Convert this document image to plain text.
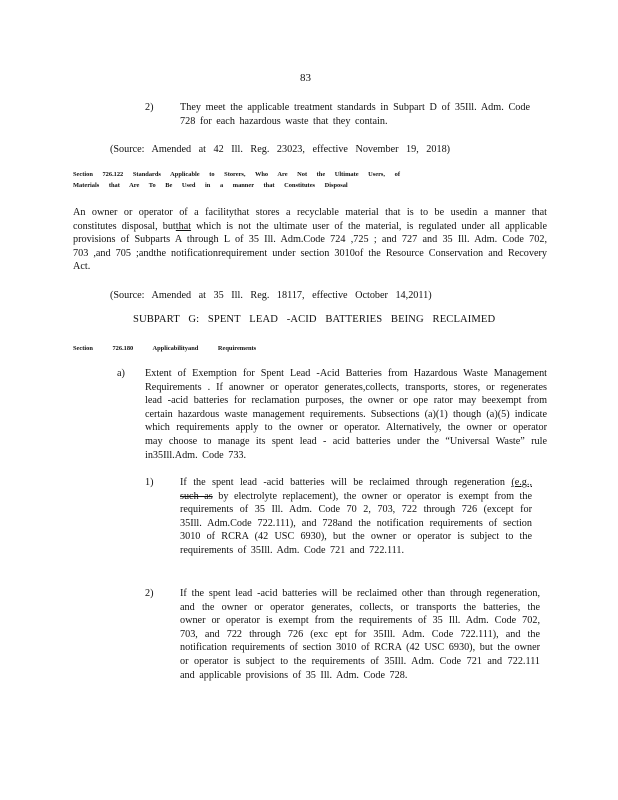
83
2)	They meet the applicable treatment standards in Subpart D of 35Ill. Adm. Code 728 for each hazardous waste that they contain.
(Source: Amended at 42 Ill. Reg. 23023, effective November 19, 2018)
Section 726.122 Standards Applicable to Storers, Who Are Not the Ultimate Users, of
Materials that Are To Be Used in a manner that Constitutes Disposal
An owner or operator of a facilitythat stores a recyclable material that is to be usedin a manner that constitutes disposal, butthat which is not the ultimate user of the material, is regulated under all applicable provisions of Subparts A through L of 35 Ill. Adm.Code 724 ,725 ; and 727 and 35 Ill. Adm. Code 702, 703 ,and 705 ;andthe notificationrequirement under section 3010of the Resource Conservation and Recovery Act.
(Source: Amended at 35 Ill. Reg. 18117, effective October 14,2011)
SUBPART G: SPENT LEAD -ACID BATTERIES BEING RECLAIMED
Section 726.180 Applicabilityand Requirements
a) Extent of Exemption for Spent Lead -Acid Batteries from Hazardous Waste Management Requirements . If anowner or operator generates,collects, transports, stores, or regenerates lead -acid batteries for reclamation purposes, the owner or ope rator may beexempt from certain hazardous waste management requirements. Subsections (a)(1) though (a)(5) indicate which requirements apply to the owner or operator. Alternatively, the owner or operator may choose to manage its spent lead - acid batteries under the “Universal Waste” rule in35Ill.Adm. Code 733.
1)	If the spent lead -acid batteries will be reclaimed through regeneration (e.g., such as by electrolyte replacement), the owner or operator is exempt from the requirements of 35 Ill. Adm. Code 70 2, 703, 722 through 726 (except for 35Ill. Adm.Code 722.111), and 728and the notification requirements of section 3010 of RCRA (42 USC 6930), but the owner or operator is subject to the requirements of 35Ill. Adm. Code 721 and 722.111.
2)	If the spent lead -acid batteries will be reclaimed other than through regeneration, and the owner or operator generates, collects, or transports the batteries, the owner or operator is exempt from the requirements of 35 Ill. Adm. Code 702, 703, and 722 through 726 (exc ept for 35Ill. Adm. Code 722.111), and the notification requirements of section 3010 of RCRA (42 USC 6930), but the owner or operator is subject to the requirements of 35Ill. Adm. Code 721 and 722.111 and applicable provisions of 35 Ill. Adm. Code 728.
